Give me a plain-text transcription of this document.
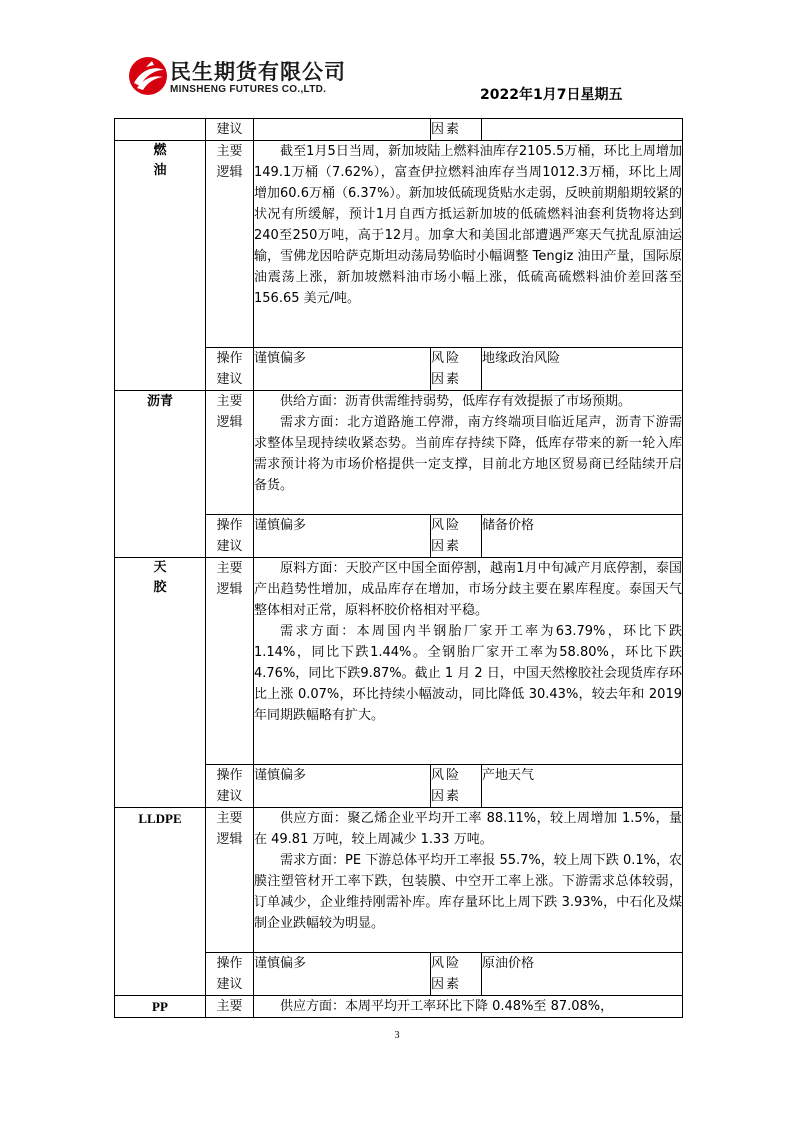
民生期货有限公司
MINSHENG FUTURES CO.,LTD.	2022年1月7日星期五
	建议		因素	
燃油	主要逻辑	截至1月5日当周，新加坡陆上燃料油库存2105.5万桶，环比上周增加149.1万桶（7.62%），富查伊拉燃料油库存当周1012.3万桶，环比上周增加60.6万桶（6.37%）。新加坡低硫现货贴水走弱，反映前期船期较紧的状况有所缓解，预计1月自西方抵运新加坡的低硫燃料油套利货物将达到240至250万吨，高于12月。加拿大和美国北部遭遇严寒天气扰乱原油运输，雪佛龙因哈萨克斯坦动荡局势临时小幅调整 Tengiz 油田产量，国际原油震荡上涨，新加坡燃料油市场小幅上涨，低硫高硫燃料油价差回落至 156.65 美元/吨。		

	操作建议	谨慎偏多	风险因素	地缘政治风险
沥青	主要逻辑	供给方面：沥青供需维持弱势，低库存有效提振了市场预期。

需求方面：北方道路施工停滞，南方终端项目临近尾声，沥青下游需求整体呈现持续收紧态势。当前库存持续下降，低库存带来的新一轮入库需求预计将为市场价格提供一定支撑，目前北方地区贸易商已经陆续开启备货。		

	操作建议	谨慎偏多	风险因素	储备价格
天胶	主要逻辑	原料方面：天胶产区中国全面停割，越南1月中旬减产月底停割，泰国产出趋势性增加，成品库存在增加，市场分歧主要在累库程度。泰国天气整体相对正常，原料杯胶价格相对平稳。

需求方面：本周国内半钢胎厂家开工率为63.79%，环比下跌1.14%，同比下跌1.44%。全钢胎厂家开工率为58.80%，环比下跌4.76%，同比下跌9.87%。截止 1 月 2 日，中国天然橡胶社会现货库存环比上涨 0.07%，环比持续小幅波动，同比降低 30.43%，较去年和 2019 年同期跌幅略有扩大。		

	操作建议	谨慎偏多	风险因素	产地天气
LLDPE	主要逻辑	供应方面：聚乙烯企业平均开工率 88.11%，较上周增加 1.5%，量在 49.81 万吨，较上周减少 1.33 万吨。

需求方面：PE 下游总体平均开工率报 55.7%，较上周下跌 0.1%，农膜注塑管材开工率下跌，包装膜、中空开工率上涨。下游需求总体较弱，订单减少，企业维持刚需补库。库存量环比上周下跌 3.93%，中石化及煤制企业跌幅较为明显。		

	操作建议	谨慎偏多	风险因素	原油价格
PP	主要	供应方面：本周平均开工率环比下降 0.48%至 87.08%，		

3
